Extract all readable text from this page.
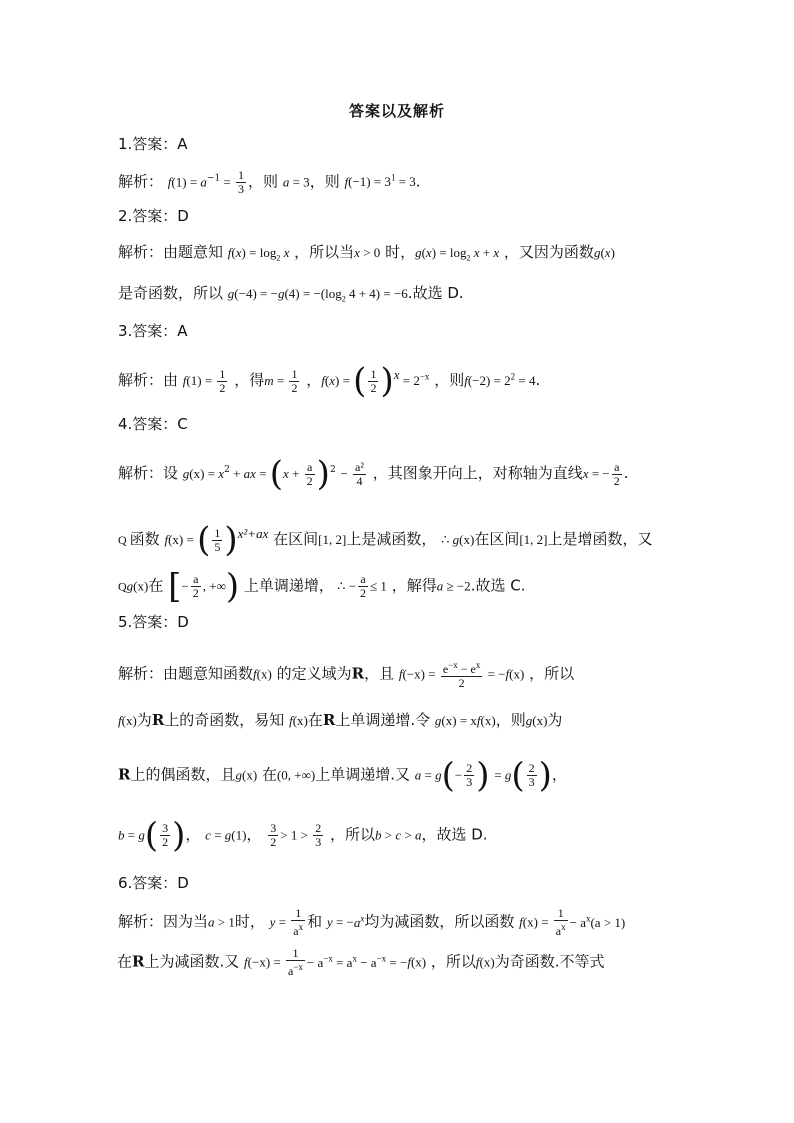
答案以及解析
1.答案：A
解析： $f(1) = a^{-1} = \frac{1}{3}$ ，则 a = 3，则 $f(-1) = 3^1 = 3$.
2.答案：D
解析：由题意知 $f(x) = \log_2 x$ ，所以当x > 0 时，$g(x) = \log_2 x + x$ ，又因为函数g(x)
是奇函数，所以 $g(-4) = -g(4) = -(\log_2$ 4 + 4) = −6.故选 D.
3.答案：A
解析：由 $f(1) = \frac{1}{2}$ ，得$m = \frac{1}{2}$ ，f(x) = ( $\frac{1}{2} )^x = 2^{-x}$ ，则$f(-2) = 2^2 = 4$.
4.答案：C
解析：设 $g(x) = x^2$ + ax = $(x + \frac{a}{2} )^2 - \frac{\text{a²}}{4}$ ，其图象开向上，对称轴为直线x = − $\frac{a}{2}$ .
Q 函数 f(x) = ( $\frac{1}{5} )^{x^2+ax}$ 在区间[1, 2]上是减函数， ∴ g(x)在区间[1, 2]上是增函数，又
Qg(x)在 [− $\frac{a}{2}$ , +∞) 上单调递增， ∴ − $\frac{a}{2} \le 1$ ，解得a ≥ −2.故选 C.
5.答案：D
解析：由题意知函数f(x) 的定义域为R，且 $f(-x) = \frac{e^{-x} - e^x}{2} = -f(x)$ ，所以
f(x)为R上的奇函数，易知 f(x)在R上单调递增.令 g(x) = xf(x)，则g(x)为
R上的偶函数，且g(x) 在(0, +∞)上单调递增.又 $a = g(- \frac{2}{3}$ ) = $g( \frac{2}{3}$ )，
$b = g( \frac{3}{2}$ )， c = g(1)， $\frac{3}{2} > 1 > \frac{2}{3}$ ，所以b > c > a，故选 D.
6.答案：D
解析：因为当a > 1时， $y = \frac{1}{a^x}$ 和 $y = -a^x$均为减函数，所以函数 $f(x) = \frac{1}{a^x} - a^x(a > 1)$
在R上为减函数.又 $f(-x) = \frac{1}{a^{-x}} - a^{-x} = a^x - a^{-x} = -f(x)$ ，所以f(x)为奇函数.不等式
